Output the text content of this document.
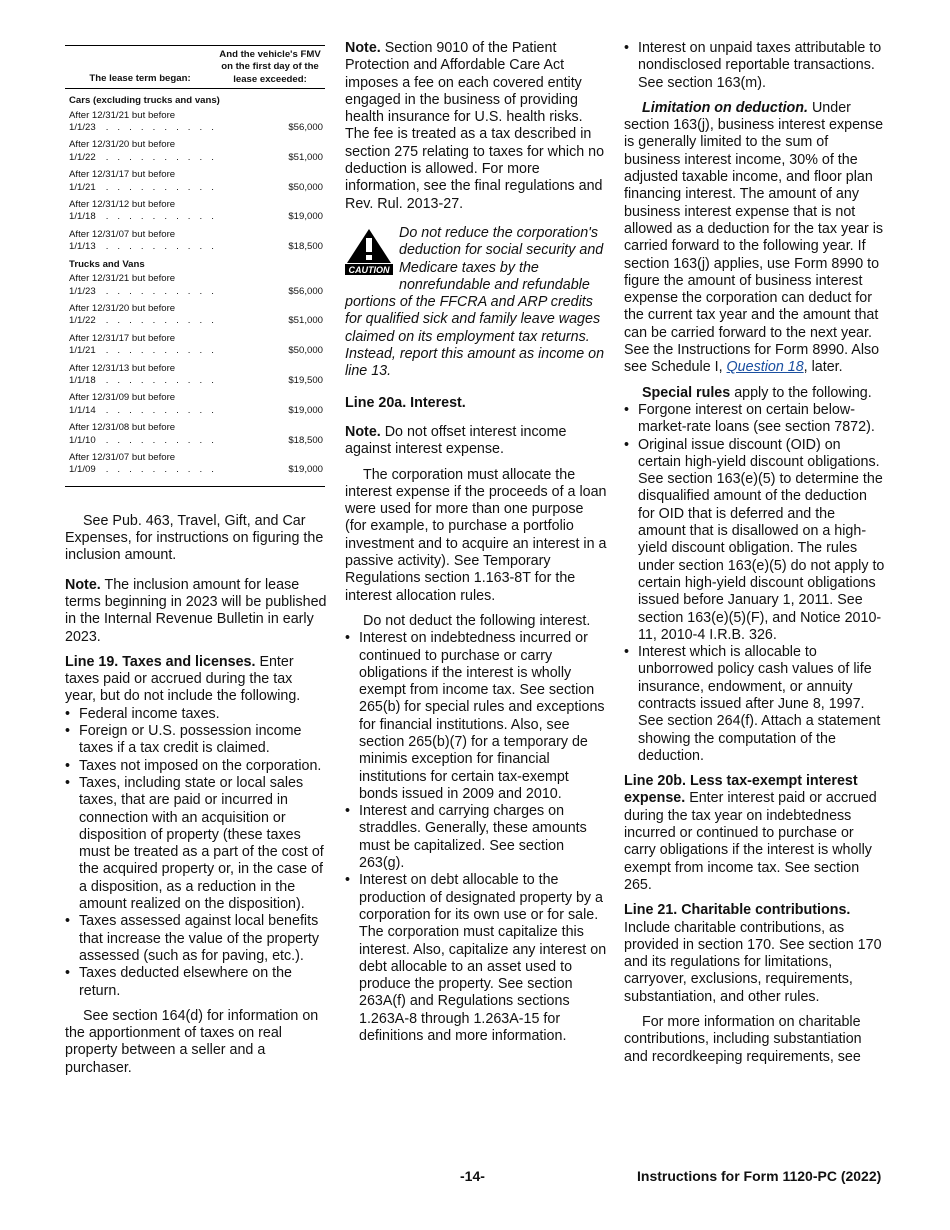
The lease term began:
And the vehicle's FMV on the first day of the lease exceeded:
Cars (excluding trucks and vans)
After 12/31/21 but before
1/1/23 . . . . . . . . . .	$56,000
After 12/31/20 but before
1/1/22 . . . . . . . . . .	$51,000
After 12/31/17 but before
1/1/21 . . . . . . . . . .	$50,000
After 12/31/12 but before
1/1/18 . . . . . . . . . .	$19,000
After 12/31/07 but before
1/1/13 . . . . . . . . . .	$18,500
Trucks and Vans
After 12/31/21 but before
1/1/23 . . . . . . . . . .	$56,000
After 12/31/20 but before
1/1/22 . . . . . . . . . .	$51,000
After 12/31/17 but before
1/1/21 . . . . . . . . . .	$50,000
After 12/31/13 but before
1/1/18 . . . . . . . . . .	$19,500
After 12/31/09 but before
1/1/14 . . . . . . . . . .	$19,000
After 12/31/08 but before
1/1/10 . . . . . . . . . .	$18,500
After 12/31/07 but before
1/1/09 . . . . . . . . . .	$19,000

See Pub. 463, Travel, Gift, and Car Expenses, for instructions on figuring the inclusion amount.

Note. The inclusion amount for lease terms beginning in 2023 will be published in the Internal Revenue Bulletin in early 2023.

Line 19. Taxes and licenses. Enter taxes paid or accrued during the tax year, but do not include the following.

• Federal income taxes.

• Foreign or U.S. possession income taxes if a tax credit is claimed.

• Taxes not imposed on the corporation.

• Taxes, including state or local sales taxes, that are paid or incurred in connection with an acquisition or disposition of property (these taxes must be treated as a part of the cost of the acquired property or, in the case of a disposition, as a reduction in the amount realized on the disposition).

• Taxes assessed against local benefits that increase the value of the property assessed (such as for paving, etc.).

• Taxes deducted elsewhere on the return.

See section 164(d) for information on the apportionment of taxes on real property between a seller and a purchaser.

Note. Section 9010 of the Patient Protection and Affordable Care Act imposes a fee on each covered entity engaged in the business of providing health insurance for U.S. health risks. The fee is treated as a tax described in section 275 relating to taxes for which no deduction is allowed. For more information, see the final regulations and Rev. Rul. 2013-27.

CAUTION
Do not reduce the corporation's deduction for social security and Medicare taxes by the nonrefundable and refundable portions of the FFCRA and ARP credits for qualified sick and family leave wages claimed on its employment tax returns. Instead, report this amount as income on line 13.

Line 20a. Interest.

Note. Do not offset interest income against interest expense.

The corporation must allocate the interest expense if the proceeds of a loan were used for more than one purpose (for example, to purchase a portfolio investment and to acquire an interest in a passive activity). See Temporary Regulations section 1.163-8T for the interest allocation rules.

Do not deduct the following interest.

• Interest on indebtedness incurred or continued to purchase or carry obligations if the interest is wholly exempt from income tax. See section 265(b) for special rules and exceptions for financial institutions. Also, see section 265(b)(7) for a temporary de minimis exception for financial institutions for certain tax-exempt bonds issued in 2009 and 2010.

• Interest and carrying charges on straddles. Generally, these amounts must be capitalized. See section 263(g).

• Interest on debt allocable to the production of designated property by a corporation for its own use or for sale. The corporation must capitalize this interest. Also, capitalize any interest on debt allocable to an asset used to produce the property. See section 263A(f) and Regulations sections 1.263A-8 through 1.263A-15 for definitions and more information.

• Interest on unpaid taxes attributable to nondisclosed reportable transactions. See section 163(m).

Limitation on deduction. Under section 163(j), business interest expense is generally limited to the sum of business interest income, 30% of the adjusted taxable income, and floor plan financing interest. The amount of any business interest expense that is not allowed as a deduction for the tax year is carried forward to the following year. If section 163(j) applies, use Form 8990 to figure the amount of business interest expense the corporation can deduct for the current tax year and the amount that can be carried forward to the next year. See the Instructions for Form 8990. Also see Schedule I, Question 18, later.

Special rules apply to the following.

• Forgone interest on certain below-market-rate loans (see section 7872).

• Original issue discount (OID) on certain high-yield discount obligations. See section 163(e)(5) to determine the disqualified amount of the deduction for OID that is deferred and the amount that is disallowed on a high-yield discount obligation. The rules under section 163(e)(5) do not apply to certain high-yield discount obligations issued before January 1, 2011. See section 163(e)(5)(F), and Notice 2010-11, 2010-4 I.R.B. 326.

• Interest which is allocable to unborrowed policy cash values of life insurance, endowment, or annuity contracts issued after June 8, 1997. See section 264(f). Attach a statement showing the computation of the deduction.

Line 20b. Less tax-exempt interest expense. Enter interest paid or accrued during the tax year on indebtedness incurred or continued to purchase or carry obligations if the interest is wholly exempt from income tax. See section 265.

Line 21. Charitable contributions. Include charitable contributions, as provided in section 170. See section 170 and its regulations for limitations, carryover, exclusions, requirements, substantiation, and other rules.

For more information on charitable contributions, including substantiation and recordkeeping requirements, see

-14-	Instructions for Form 1120-PC (2022)
